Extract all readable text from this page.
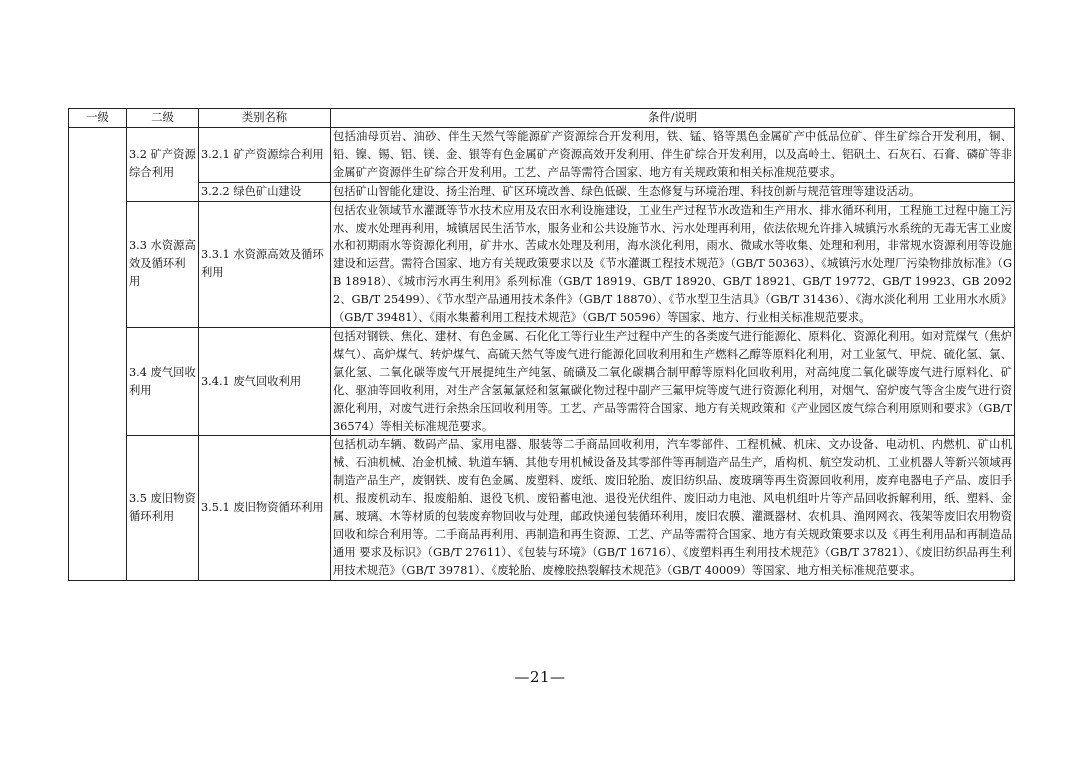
一级	二级	类别名称	条件/说明
	3.2 矿产资源综合利用	3.2.1 矿产资源综合利用	包括油母页岩、油砂、伴生天然气等能源矿产资源综合开发利用，铁、锰、铬等黑色金属矿产中低品位矿、伴生矿综合开发利用，铜、铅、镍、锡、铝、镁、金、银等有色金属矿产资源高效开发利用、伴生矿综合开发利用，以及高岭土、铝矾土、石灰石、石膏、磷矿等非金属矿产资源伴生矿综合开发利用。工艺、产品等需符合国家、地方有关规政策和相关标准规范要求。
		3.2.2 绿色矿山建设	包括矿山智能化建设、扬尘治理、矿区环境改善、绿色低碳、生态修复与环境治理、科技创新与规范管理等建设活动。
	3.3 水资源高效及循环利用	3.3.1 水资源高效及循环利用	包括农业领域节水灌溉等节水技术应用及农田水利设施建设，工业生产过程节水改造和生产用水、排水循环利用，工程施工过程中施工污水、废水处理再利用，城镇居民生活节水，服务业和公共设施节水、污水处理再利用，依法依规允许排入城镇污水系统的无毒无害工业废水和初期雨水等资源化利用，矿井水、苦咸水处理及利用，海水淡化利用，雨水、微咸水等收集、处理和利用，非常规水资源利用等设施建设和运营。需符合国家、地方有关规政策要求以及《节水灌溉工程技术规范》（GB/T 50363）、《城镇污水处理厂污染物排放标准》（GB 18918）、《城市污水再生利用》系列标准（GB/T 18919、GB/T 18920、GB/T 18921、GB/T 19772、GB/T 19923、GB 20922、GB/T 25499）、《节水型产品通用技术条件》（GB/T 18870）、《节水型卫生洁具》（GB/T 31436）、《海水淡化利用 工业用水水质》（GB/T 39481）、《雨水集蓄利用工程技术规范》（GB/T 50596）等国家、地方、行业相关标准规范要求。
	3.4 废气回收利用	3.4.1 废气回收利用	包括对钢铁、焦化、建材、有色金属、石化化工等行业生产过程中产生的各类废气进行能源化、原料化、资源化利用。如对荒煤气（焦炉煤气）、高炉煤气、转炉煤气、高硫天然气等废气进行能源化回收利用和生产燃料乙醇等原料化利用，对工业氢气、甲烷、硫化氢、氯、氯化氢、二氧化碳等废气开展提纯生产纯氢、硫磺及二氧化碳耦合制甲醇等原料化回收利用，对高纯度二氧化碳等废气进行原料化、矿化、驱油等回收利用，对生产含氢氟氯烃和氢氟碳化物过程中副产三氟甲烷等废气进行资源化利用，对烟气、窑炉废气等含尘废气进行资源化利用，对废气进行余热余压回收利用等。工艺、产品等需符合国家、地方有关规政策和《产业园区废气综合利用原则和要求》（GB/T 36574）等相关标准规范要求。
	3.5 废旧物资循环利用	3.5.1 废旧物资循环利用	包括机动车辆、数码产品、家用电器、服装等二手商品回收利用，汽车零部件、工程机械、机床、文办设备、电动机、内燃机、矿山机械、石油机械、冶金机械、轨道车辆、其他专用机械设备及其零部件等再制造产品生产，盾构机、航空发动机、工业机器人等新兴领域再制造产品生产，废钢铁、废有色金属、废塑料、废纸、废旧轮胎、废旧纺织品、废玻璃等再生资源回收利用，废弃电器电子产品、废旧手机、报废机动车、报废船舶、退役飞机、废铅蓄电池、退役光伏组件、废旧动力电池、风电机组叶片等产品回收拆解利用，纸、塑料、金属、玻璃、木等材质的包装废弃物回收与处理，邮政快递包装循环利用，废旧农膜、灌溉器材、农机具、渔网网衣、筏架等废旧农用物资回收和综合利用等。二手商品再利用、再制造和再生资源、工艺、产品等需符合国家、地方有关规政策要求以及《再生利用品和再制造品通用 要求及标识》（GB/T 27611）、《包装与环境》（GB/T 16716）、《废塑料再生利用技术规范》（GB/T 37821）、《废旧纺织品再生利用技术规范》（GB/T 39781）、《废轮胎、废橡胶热裂解技术规范》（GB/T 40009）等国家、地方相关标准规范要求。
—21—
